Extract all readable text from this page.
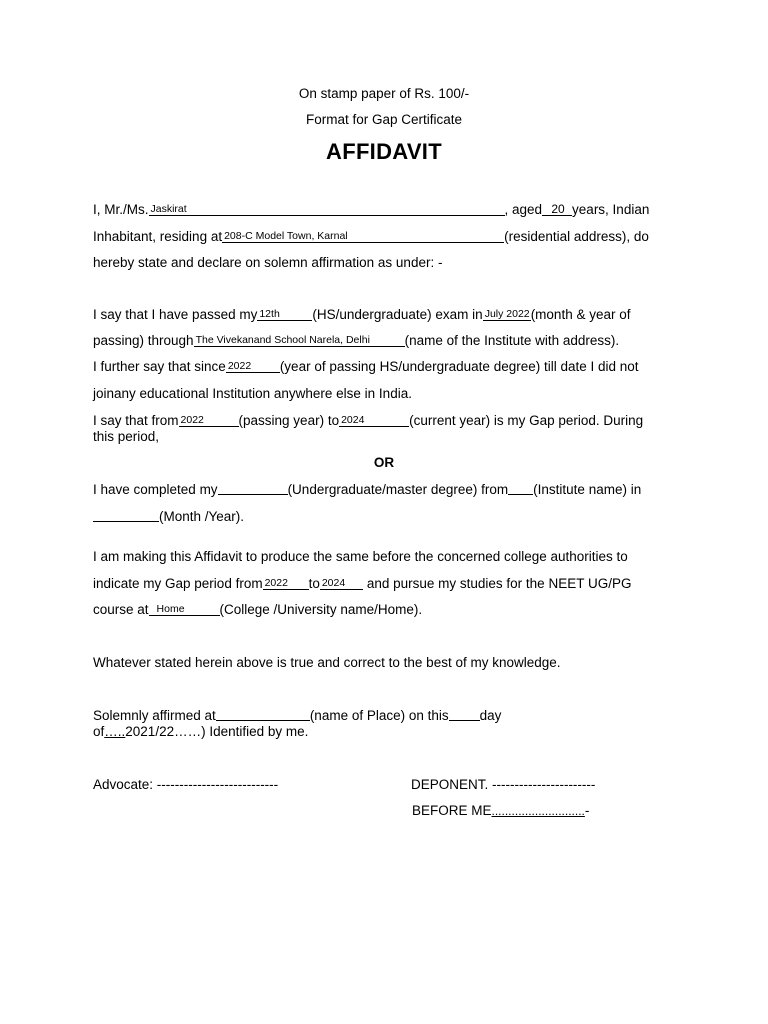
On stamp paper of Rs. 100/-
Format for Gap Certificate
AFFIDAVIT
I, Mr./Ms. Jaskirat	, aged 20 years, Indian
Inhabitant, residing at 208-C Model Town, Karnal	(residential address), do
hereby state and declare on solemn affirmation as under: -
I say that I have passed my 12th (HS/undergraduate) exam in July 2022(month & year of
passing) through The Vivekanand School Narela, Delhi	(name of the Institute with address).
I further say that since 2022 (year of passing HS/undergraduate degree) till date I did not
joinany educational Institution anywhere else in India.
I say that from 2022	(passing year) to 2024	(current year) is my Gap period. During
this period,
OR
I have completed my	(Undergraduate/master degree) from (Institute name) in
(Month /Year).
I am making this Affidavit to produce the same before the concerned college authorities to
indicate my Gap period from 2022 to 2024 and pursue my studies for the NEET UG/PG
course at Home	(College /University name/Home).
Whatever stated herein above is true and correct to the best of my knowledge.
Solemnly affirmed at	(name of Place) on this day
of…..2021/22……) Identified by me.
Advocate: ---------------------------	DEPONENT. -----------------------
BEFORE ME............................-
